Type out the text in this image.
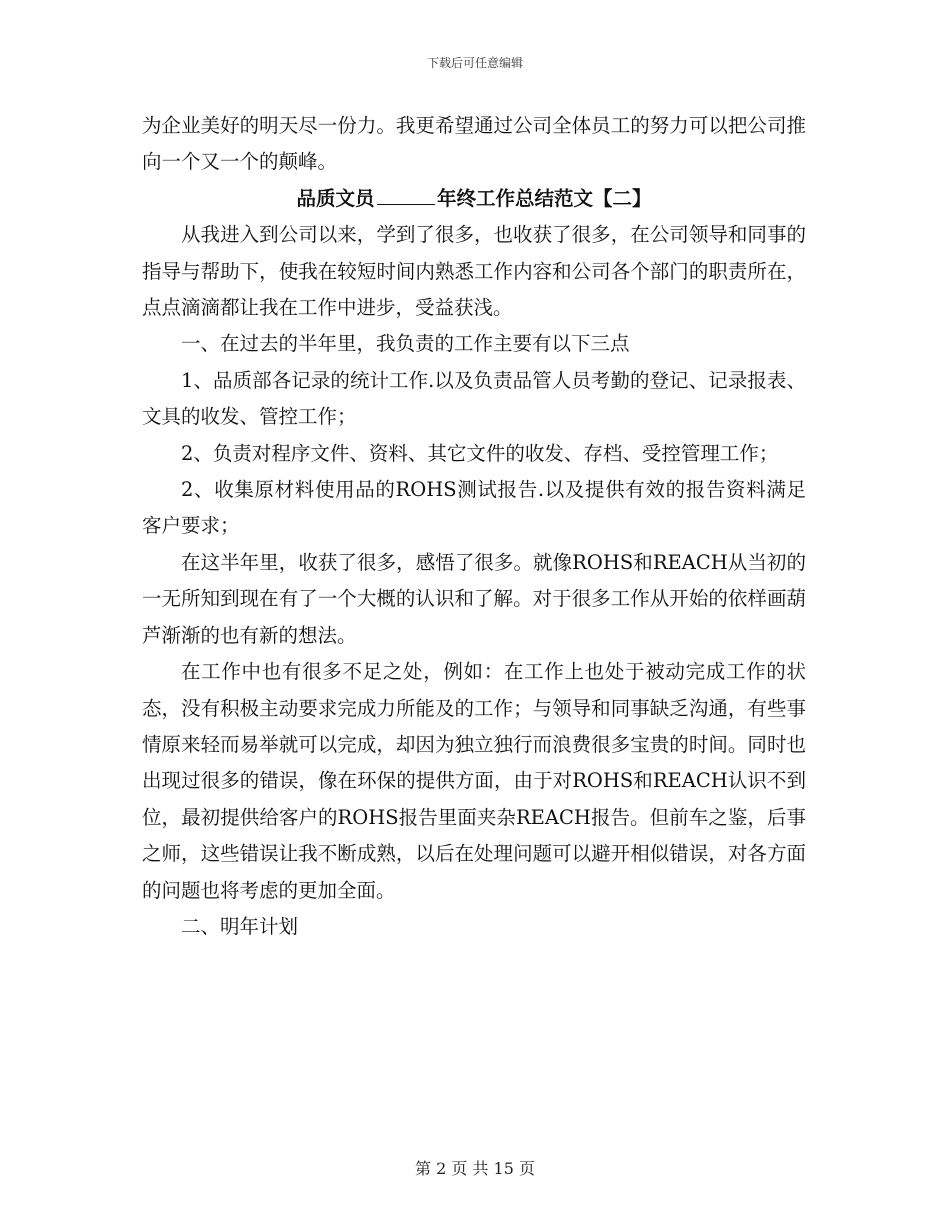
下载后可任意编辑

为企业美好的明天尽一份力。我更希望通过公司全体员工的努力可以把公司推向一个又一个的颠峰。

品质文员	年终工作总结范文【二】

从我进入到公司以来，学到了很多，也收获了很多，在公司领导和同事的指导与帮助下，使我在较短时间内熟悉工作内容和公司各个部门的职责所在，点点滴滴都让我在工作中进步，受益获浅。

一、在过去的半年里，我负责的工作主要有以下三点

1、品质部各记录的统计工作.以及负责品管人员考勤的登记、记录报表、文具的收发、管控工作；

2、负责对程序文件、资料、其它文件的收发、存档、受控管理工作；

2、收集原材料使用品的ROHS测试报告.以及提供有效的报告资料满足客户要求；

在这半年里，收获了很多，感悟了很多。就像ROHS和REACH从当初的一无所知到现在有了一个大概的认识和了解。对于很多工作从开始的依样画葫芦渐渐的也有新的想法。

在工作中也有很多不足之处，例如：在工作上也处于被动完成工作的状态，没有积极主动要求完成力所能及的工作；与领导和同事缺乏沟通，有些事情原来轻而易举就可以完成，却因为独立独行而浪费很多宝贵的时间。同时也出现过很多的错误，像在环保的提供方面，由于对ROHS和REACH认识不到位，最初提供给客户的ROHS报告里面夹杂REACH报告。但前车之鉴，后事之师，这些错误让我不断成熟，以后在处理问题可以避开相似错误，对各方面的问题也将考虑的更加全面。

二、明年计划

第 2 页 共 15 页
